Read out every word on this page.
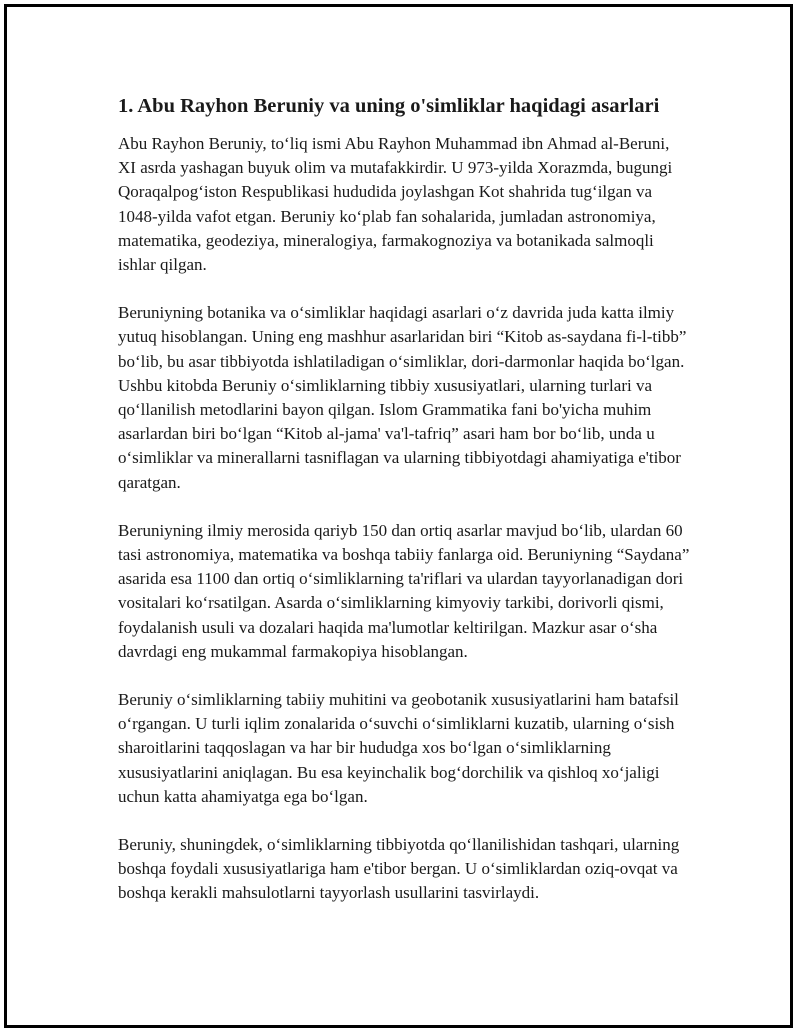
1. Abu Rayhon Beruniy va uning o'simliklar haqidagi asarlari

Abu Rayhon Beruniy, to‘liq ismi Abu Rayhon Muhammad ibn Ahmad al-Beruni, XI asrda yashagan buyuk olim va mutafakkirdir. U 973-yilda Xorazmda, bugungi Qoraqalpog‘iston Respublikasi hududida joylashgan Kot shahrida tug‘ilgan va 1048-yilda vafot etgan. Beruniy ko‘plab fan sohalarida, jumladan astronomiya, matematika, geodeziya, mineralogiya, farmakognoziya va botanikada salmoqli ishlar qilgan.

Beruniyning botanika va o‘simliklar haqidagi asarlari o‘z davrida juda katta ilmiy yutuq hisoblangan. Uning eng mashhur asarlaridan biri “Kitob as-saydana fi-l-tibb” bo‘lib, bu asar tibbiyotda ishlatiladigan o‘simliklar, dori-darmonlar haqida bo‘lgan. Ushbu kitobda Beruniy o‘simliklarning tibbiy xususiyatlari, ularning turlari va qo‘llanilish metodlarini bayon qilgan. Islom Grammatika fani bo'yicha muhim asarlardan biri bo‘lgan “Kitob al-jama' va'l-tafriq” asari ham bor bo‘lib, unda u o‘simliklar va minerallarni tasniflagan va ularning tibbiyotdagi ahamiyatiga e'tibor qaratgan.

Beruniyning ilmiy merosida qariyb 150 dan ortiq asarlar mavjud bo‘lib, ulardan 60 tasi astronomiya, matematika va boshqa tabiiy fanlarga oid. Beruniyning “Saydana” asarida esa 1100 dan ortiq o‘simliklarning ta'riflari va ulardan tayyorlanadigan dori vositalari ko‘rsatilgan. Asarda o‘simliklarning kimyoviy tarkibi, dorivorli qismi, foydalanish usuli va dozalari haqida ma'lumotlar keltirilgan. Mazkur asar o‘sha davrdagi eng mukammal farmakopiya hisoblangan.

Beruniy o‘simliklarning tabiiy muhitini va geobotanik xususiyatlarini ham batafsil o‘rgangan. U turli iqlim zonalarida o‘suvchi o‘simliklarni kuzatib, ularning o‘sish sharoitlarini taqqoslagan va har bir hududga xos bo‘lgan o‘simliklarning xususiyatlarini aniqlagan. Bu esa keyinchalik bog‘dorchilik va qishloq xo‘jaligi uchun katta ahamiyatga ega bo‘lgan.

Beruniy, shuningdek, o‘simliklarning tibbiyotda qo‘llanilishidan tashqari, ularning boshqa foydali xususiyatlariga ham e'tibor bergan. U o‘simliklardan oziq-ovqat va boshqa kerakli mahsulotlarni tayyorlash usullarini tasvirlaydi.
